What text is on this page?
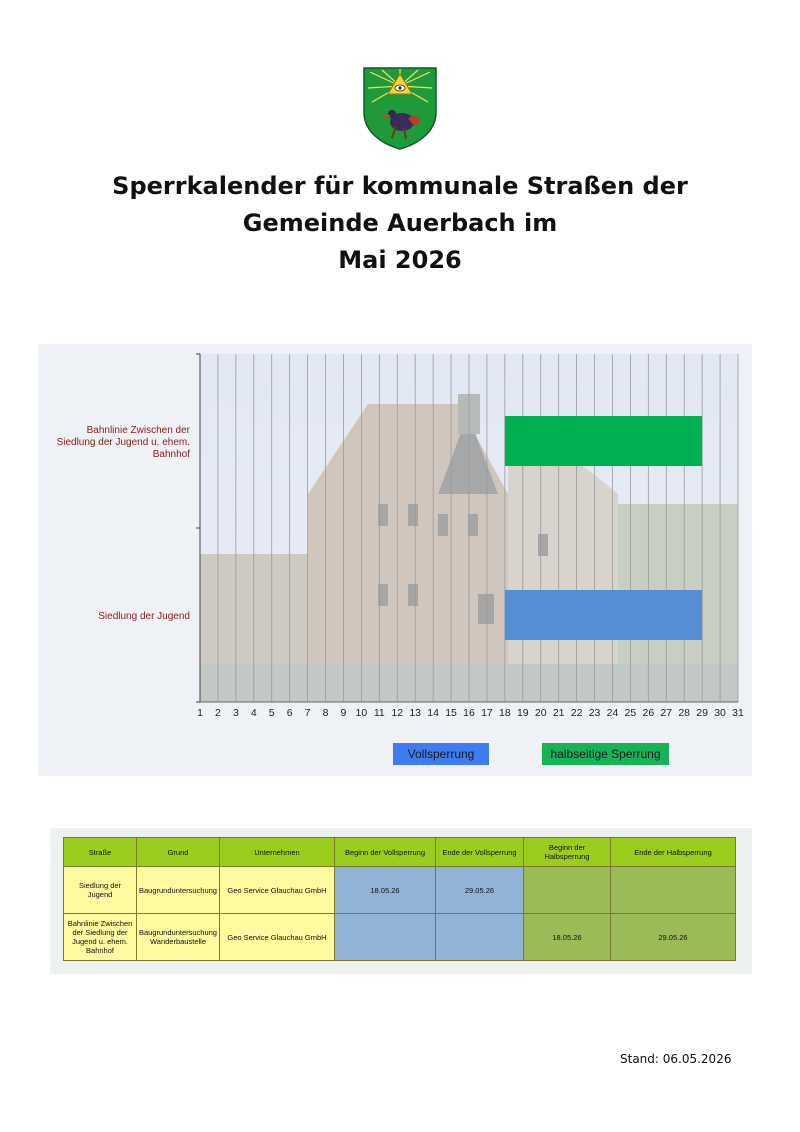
Sperrkalender für kommunale Straßen der
Gemeinde Auerbach im
Mai 2026
1 2 3 4 5 6 7 8 9 10 11 12 13 14 15 16 17 18 19 20 21 22 23 24 25 26 27 28 29 30 31
Bahnlinie Zwischen der
Siedlung der Jugend u. ehem.
Bahnhof
Siedlung der Jugend
Vollsperrung	halbseitige Sperrung
Straße	Grund	Unternehmen	Beginn der Vollsperrung	Ende der Vollsperrung	Beginn der Halbsperrung	Ende der Halbsperrung
Siedlung der Jugend	Baugrunduntersuchung	Geo Service Glauchau GmbH	18.05.26	29.05.26		
Bahnlinie Zwischen der Siedlung der Jugend u. ehem. Bahnhof	Baugrunduntersuchung Wanderbaustelle	Geo Service Glauchau GmbH			18.05.26	29.05.26
Stand: 06.05.2026
